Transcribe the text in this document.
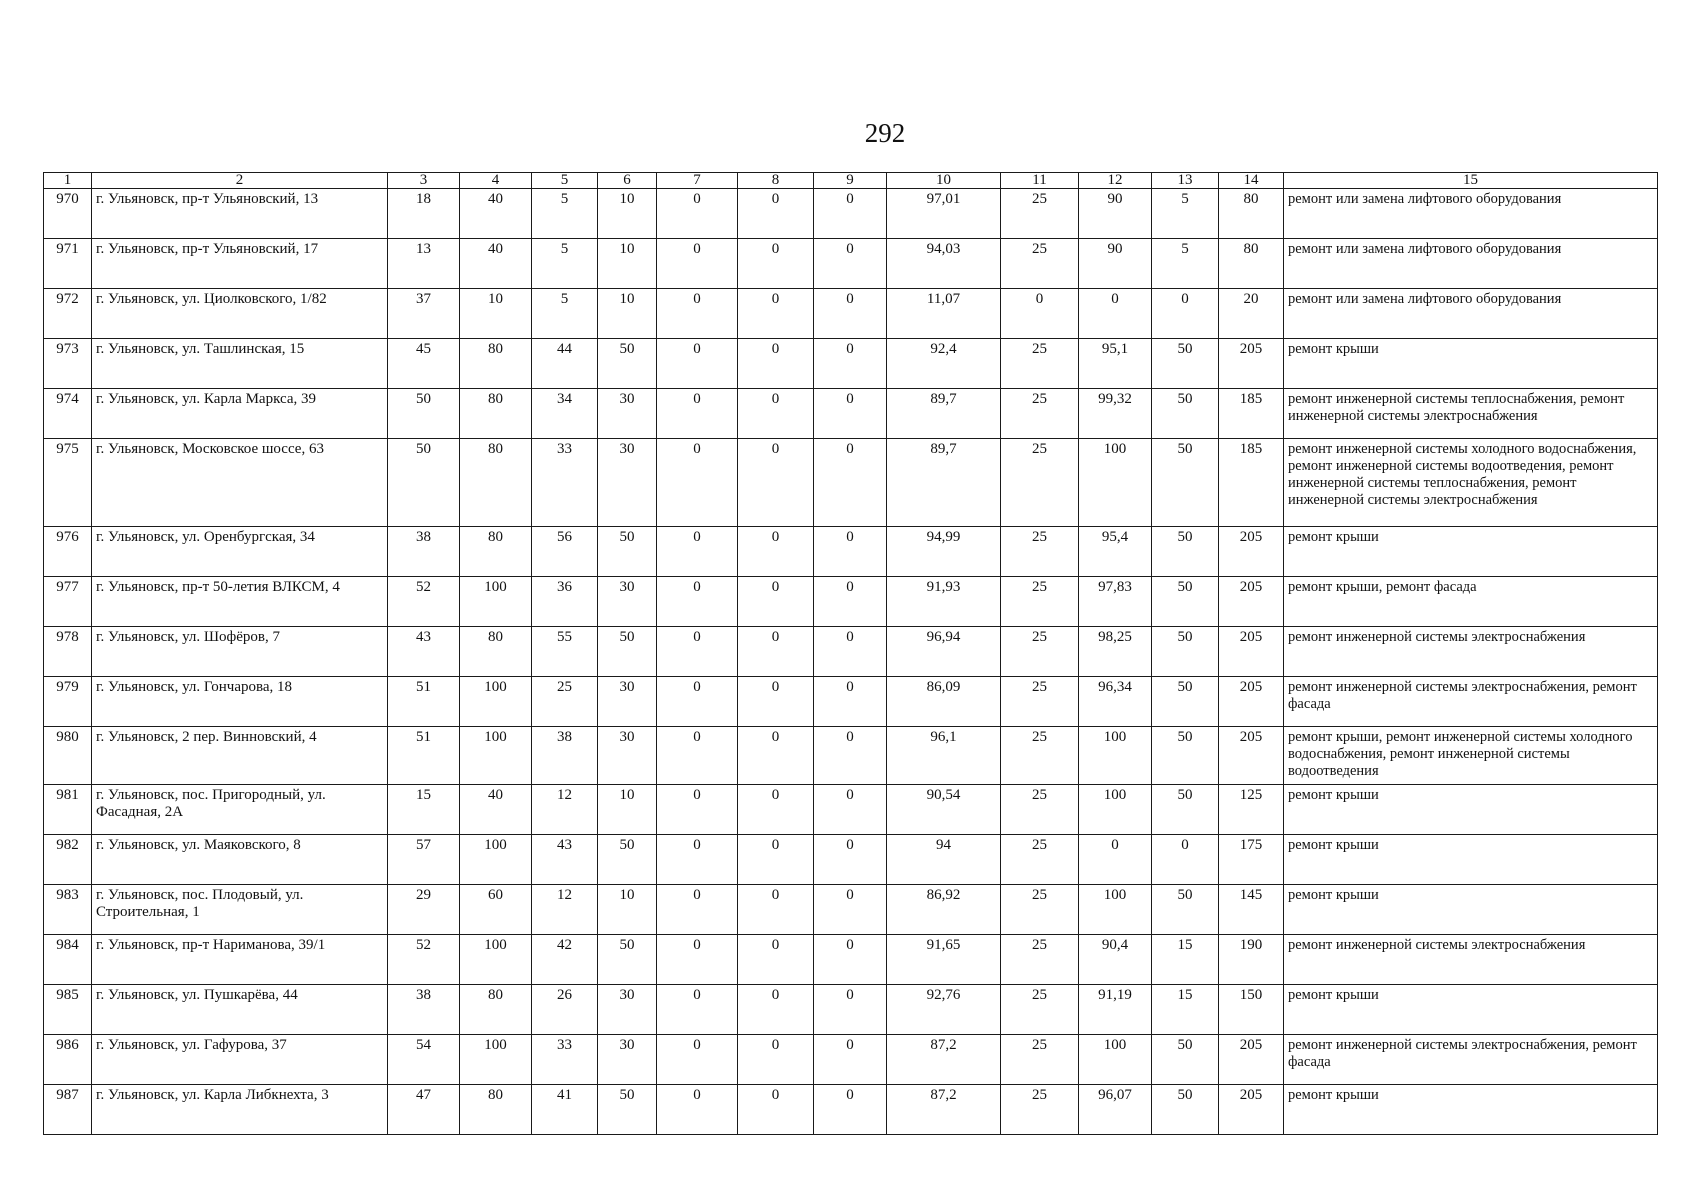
292
1	2	3	4	5	6	7	8	9	10	11	12	13	14	15
970	г. Ульяновск, пр-т Ульяновский, 13	18	40	5	10	0	0	0	97,01	25	90	5	80	ремонт или замена лифтового оборудования
971	г. Ульяновск, пр-т Ульяновский, 17	13	40	5	10	0	0	0	94,03	25	90	5	80	ремонт или замена лифтового оборудования
972	г. Ульяновск, ул. Циолковского, 1/82	37	10	5	10	0	0	0	11,07	0	0	0	20	ремонт или замена лифтового оборудования
973	г. Ульяновск, ул. Ташлинская, 15	45	80	44	50	0	0	0	92,4	25	95,1	50	205	ремонт крыши
974	г. Ульяновск, ул. Карла Маркса, 39	50	80	34	30	0	0	0	89,7	25	99,32	50	185	ремонт инженерной системы теплоснабжения, ремонт инженерной системы электроснабжения
975	г. Ульяновск, Московское шоссе, 63	50	80	33	30	0	0	0	89,7	25	100	50	185	ремонт инженерной системы холодного водоснабжения, ремонт инженерной системы водоотведения, ремонт инженерной системы теплоснабжения, ремонт инженерной системы электроснабжения
976	г. Ульяновск, ул. Оренбургская, 34	38	80	56	50	0	0	0	94,99	25	95,4	50	205	ремонт крыши
977	г. Ульяновск, пр-т 50-летия ВЛКСМ, 4	52	100	36	30	0	0	0	91,93	25	97,83	50	205	ремонт крыши, ремонт фасада
978	г. Ульяновск, ул. Шофёров, 7	43	80	55	50	0	0	0	96,94	25	98,25	50	205	ремонт инженерной системы электроснабжения
979	г. Ульяновск, ул. Гончарова, 18	51	100	25	30	0	0	0	86,09	25	96,34	50	205	ремонт инженерной системы электроснабжения, ремонт фасада
980	г. Ульяновск, 2 пер. Винновский, 4	51	100	38	30	0	0	0	96,1	25	100	50	205	ремонт крыши, ремонт инженерной системы холодного водоснабжения, ремонт инженерной системы водоотведения
981	г. Ульяновск, пос. Пригородный, ул. Фасадная, 2А	15	40	12	10	0	0	0	90,54	25	100	50	125	ремонт крыши
982	г. Ульяновск, ул. Маяковского, 8	57	100	43	50	0	0	0	94	25	0	0	175	ремонт крыши
983	г. Ульяновск, пос. Плодовый, ул. Строительная, 1	29	60	12	10	0	0	0	86,92	25	100	50	145	ремонт крыши
984	г. Ульяновск, пр-т Нариманова, 39/1	52	100	42	50	0	0	0	91,65	25	90,4	15	190	ремонт инженерной системы электроснабжения
985	г. Ульяновск, ул. Пушкарёва, 44	38	80	26	30	0	0	0	92,76	25	91,19	15	150	ремонт крыши
986	г. Ульяновск, ул. Гафурова, 37	54	100	33	30	0	0	0	87,2	25	100	50	205	ремонт инженерной системы электроснабжения, ремонт фасада
987	г. Ульяновск, ул. Карла Либкнехта, 3	47	80	41	50	0	0	0	87,2	25	96,07	50	205	ремонт крыши
